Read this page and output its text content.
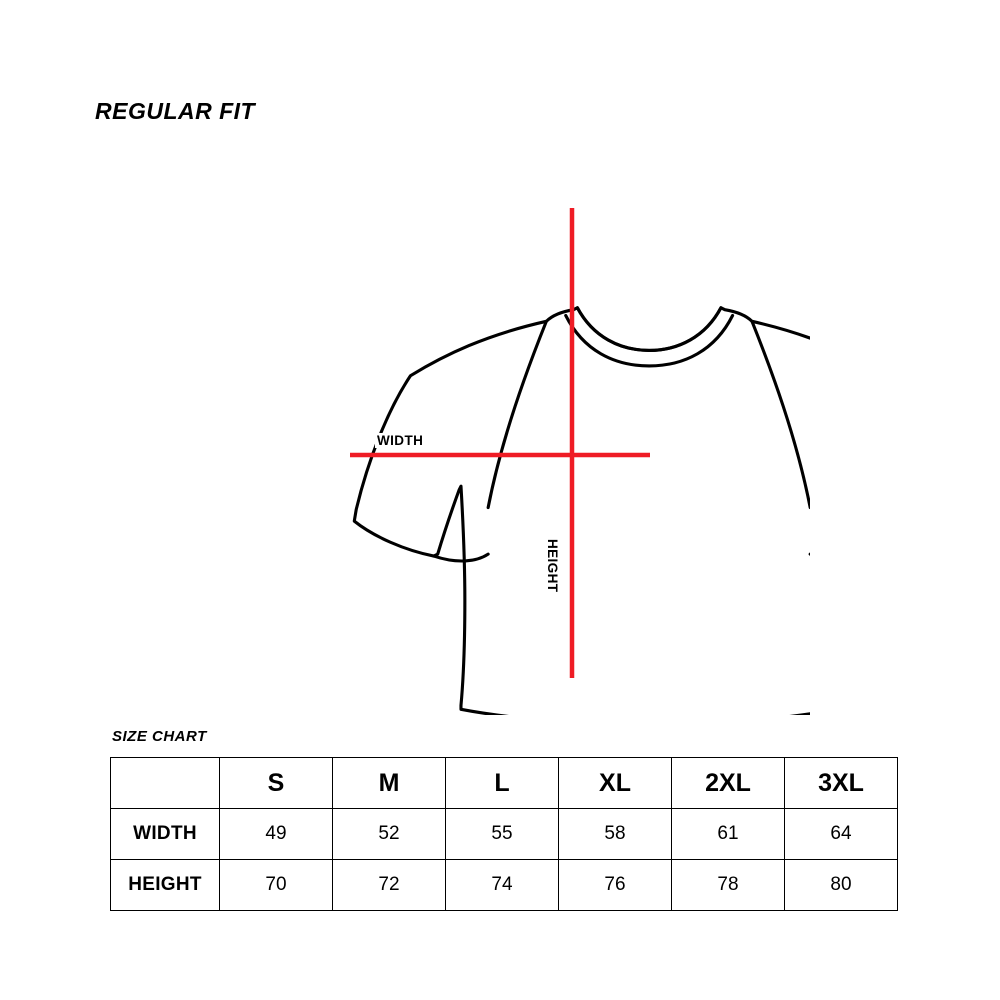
REGULAR FIT
WIDTH
HEIGHT
SIZE CHART
	S	M	L	XL	2XL	3XL
WIDTH	49	52	55	58	61	64
HEIGHT	70	72	74	76	78	80
